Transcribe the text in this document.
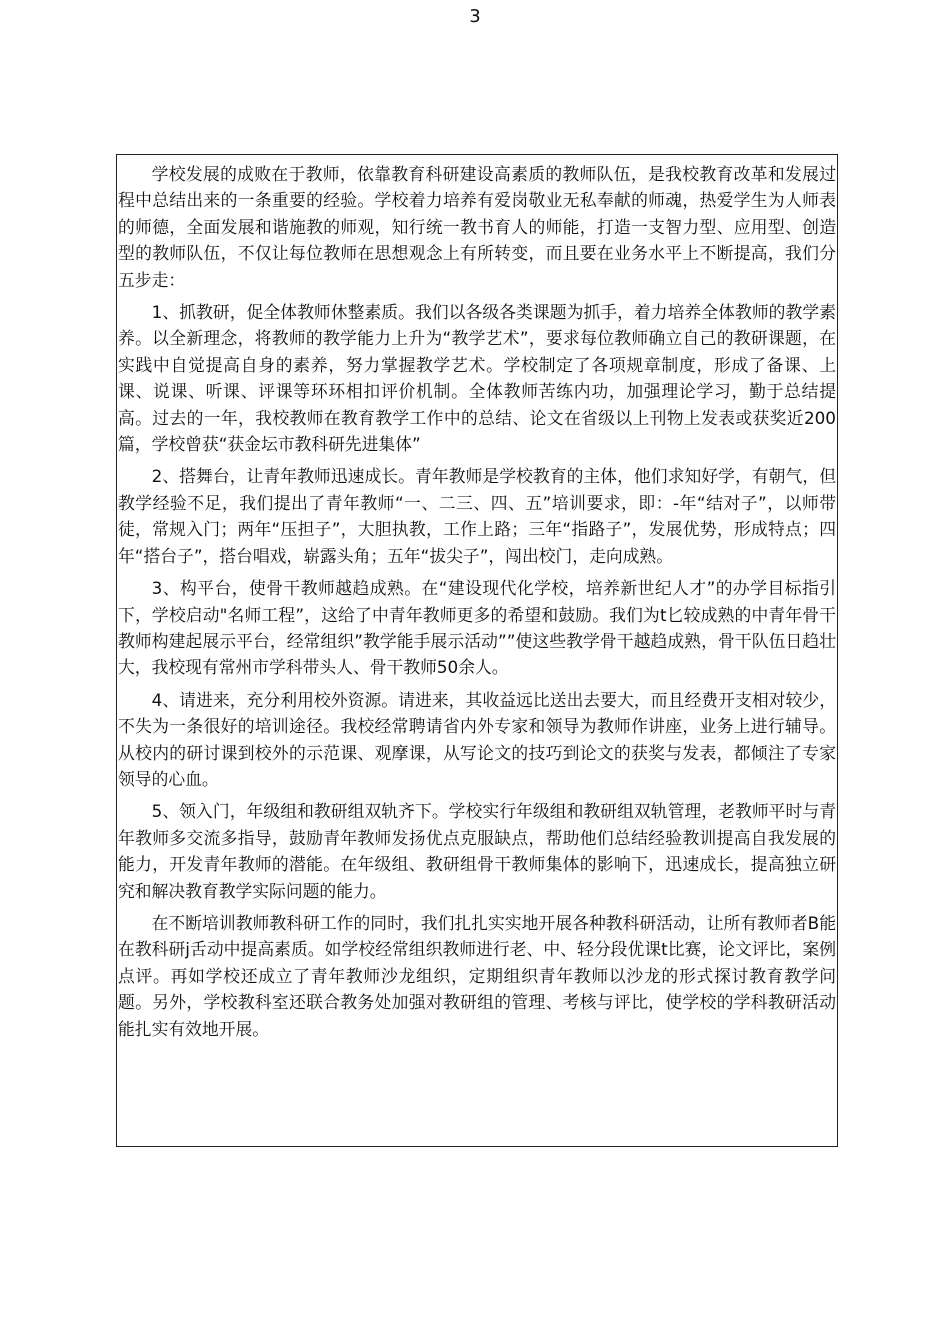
3

学校发展的成败在于教师，依靠教育科研建设高素质的教师队伍，是我校教育改革和发展过程中总结出来的一条重要的经验。学校着力培养有爱岗敬业无私奉献的师魂，热爱学生为人师表的师德，全面发展和谐施教的师观，知行统一教书育人的师能，打造一支智力型、应用型、创造型的教师队伍，不仅让每位教师在思想观念上有所转变，而且要在业务水平上不断提高，我们分五步走：

1、抓教研，促全体教师休整素质。我们以各级各类课题为抓手，着力培养全体教师的教学素养。以全新理念，将教师的教学能力上升为“教学艺术”，要求每位教师确立自己的教研课题，在实践中自觉提高自身的素养，努力掌握教学艺术。学校制定了各项规章制度，形成了备课、上课、说课、听课、评课等环环相扣评价机制。全体教师苦练内功，加强理论学习，勤于总结提高。过去的一年，我校教师在教育教学工作中的总结、论文在省级以上刊物上发表或获奖近200篇，学校曾获“获金坛市教科研先进集体”

2、搭舞台，让青年教师迅速成长。青年教师是学校教育的主体，他们求知好学，有朝气，但教学经验不足，我们提出了青年教师“一、二三、四、五”培训要求，即：-年“结对子”，以师带徒，常规入门；两年“压担子”，大胆执教，工作上路；三年“指路子”，发展优势，形成特点；四年“搭台子”，搭台唱戏，崭露头角；五年“拔尖子”，闯出校门，走向成熟。

3、构平台，使骨干教师越趋成熟。在“建设现代化学校，培养新世纪人才”的办学目标指引下，学校启动"名师工程”，这给了中青年教师更多的希望和鼓励。我们为t匕较成熟的中青年骨干教师构建起展示平台，经常组织”教学能手展示活动””使这些教学骨干越趋成熟，骨干队伍日趋壮大，我校现有常州市学科带头人、骨干教师50余人。

4、请进来，充分利用校外资源。请进来，其收益远比送出去要大，而且经费开支相对较少，不失为一条很好的培训途径。我校经常聘请省内外专家和领导为教师作讲座，业务上进行辅导。从校内的研讨课到校外的示范课、观摩课，从写论文的技巧到论文的获奖与发表，都倾注了专家领导的心血。

5、领入门，年级组和教研组双轨齐下。学校实行年级组和教研组双轨管理，老教师平时与青年教师多交流多指导，鼓励青年教师发扬优点克服缺点，帮助他们总结经验教训提高自我发展的能力，开发青年教师的潜能。在年级组、教研组骨干教师集体的影响下，迅速成长，提高独立研究和解决教育教学实际问题的能力。

在不断培训教师教科研工作的同时，我们扎扎实实地开展各种教科研活动，让所有教师者B能在教科研j舌动中提高素质。如学校经常组织教师进行老、中、轻分段优课t比赛，论文评比，案例点评。再如学校还成立了青年教师沙龙组织，定期组织青年教师以沙龙的形式探讨教育教学问题。另外，学校教科室还联合教务处加强对教研组的管理、考核与评比，使学校的学科教研活动能扎实有效地开展。
